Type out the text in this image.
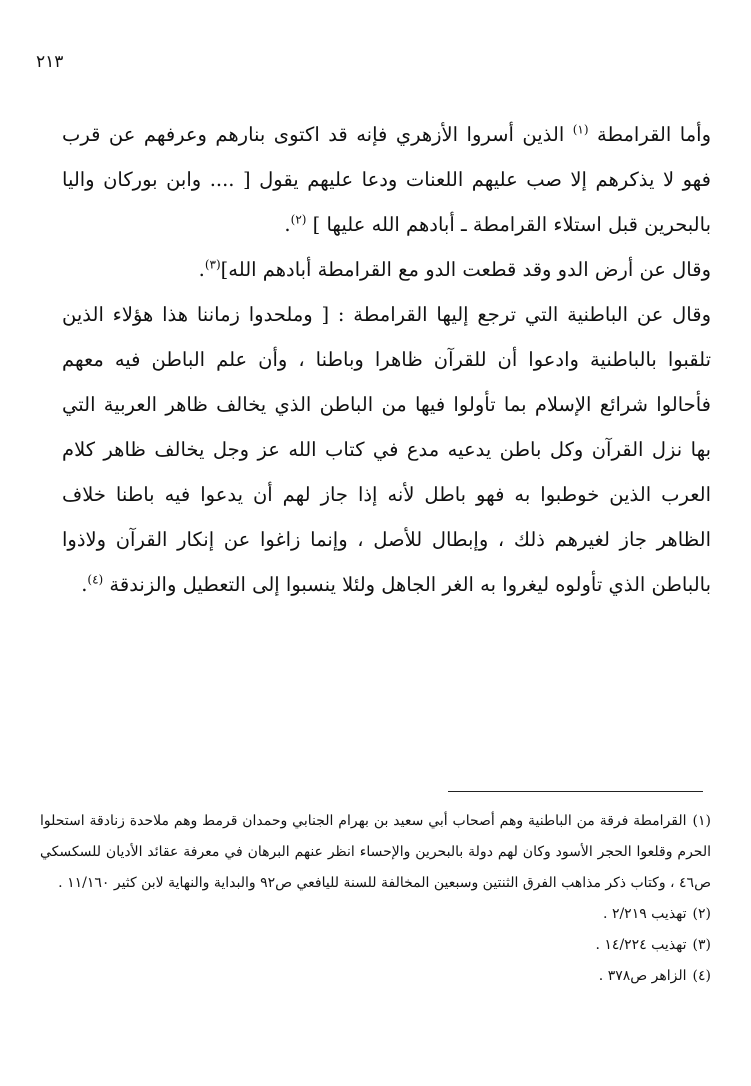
٢١٣

وأما القرامطة $^{(١)}$ الذين أسروا الأزهري فإنه قد اكتوى بنارهم وعرفهم عن قرب فهو لا يذكرهم إلا صب عليهم اللعنات ودعا عليهم يقول [ .... وابن بوركان واليا بالبحرين قبل استلاء القرامطة ـ أبادهم الله عليها ] $^{(٢)}$.

وقال عن أرض الدو وقد قطعت الدو مع القرامطة أبادهم الله]$^{(٣)}$.

وقال عن الباطنية التي ترجع إليها القرامطة : [ وملحدوا زماننا هذا هؤلاء الذين تلقبوا بالباطنية وادعوا أن للقرآن ظاهرا وباطنا ، وأن علم الباطن فيه معهم فأحالوا شرائع الإسلام بما تأولوا فيها من الباطن الذي يخالف ظاهر العربية التي بها نزل القرآن وكل باطن يدعيه مدع في كتاب الله عز وجل يخالف ظاهر كلام العرب الذين خوطبوا به فهو باطل لأنه إذا جاز لهم أن يدعوا فيه باطنا خلاف الظاهر جاز لغيرهم ذلك ، وإبطال للأصل ، وإنما زاغوا عن إنكار القرآن ولاذوا بالباطن الذي تأولوه ليغروا به الغر الجاهل ولئلا ينسبوا إلى التعطيل والزندقة $^{(٤)}$.

(١)القرامطة فرقة من الباطنية وهم أصحاب أبي سعيد بن بهرام الجنابي وحمدان قرمط وهم ملاحدة زنادقة استحلوا الحرم وقلعوا الحجر الأسود وكان لهم دولة بالبحرين والإحساء انظر عنهم البرهان في معرفة عقائد الأديان للسكسكي ص٤٦ ، وكتاب ذكر مذاهب الفرق الثنتين وسبعين المخالفة للسنة لليافعي ص٩٢ والبداية والنهاية لابن كثير ١١/١٦٠ .

(٢)تهذيب ٢/٢١٩ .

(٣)تهذيب ١٤/٢٢٤ .

(٤)الزاهر ص٣٧٨ .
